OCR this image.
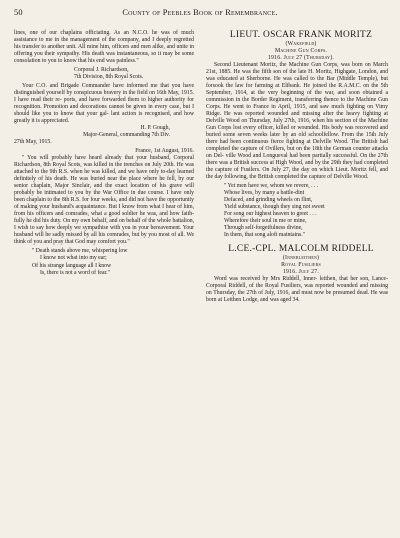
50	County of Peebles Book of Remembrance.

lines, one of our chaplains officiating. As an N.C.O. he was of much assistance to me in the management of the company, and I deeply regretted his transfer to another unit. All mine him, officers and men alike, and unite in offering you their sympathy. His death was instantaneous, so it may be some consolation to you to know that his end was painless."

Corporal J. Richardson,

7th Division, 8th Royal Scots.

Your C.O. and Brigade Commander have informed me that you have distinguished yourself by conspicuous bravery in the field on 16th May, 1915. I have read their re- ports, and have forwarded them to higher authority for recognition. Promotion and decorations cannot be given in every case, but I should like you to know that your gal- lant action is recognised, and how greatly it is appreciated.

H. P. Gough,

Major-General, commanding 7th Div.

27th May, 1915.

France, 1st August, 1916.

" You will probably have heard already that your husband, Corporal Richardson, 8th Royal Scots, was killed in the trenches on July 20th. He was attached to the 9th R.S. when he was killed, and we have only to-day learned definitely of his death. He was buried near the place where he fell, by our senior chaplain, Major Sinclair, and the exact location of his grave will probably be intimated to you by the War Office in due course. I have only been chaplain to the 8th R.S. for four weeks, and did not have the opportunity of making your husband's acquaintance. But I know from what I hear of him, from his officers and comrades, what a good soldier he was, and how faith- fully he did his duty. On my own behalf, and on behalf of the whole battalion, I wish to say how deeply we sympathise with you in your bereavement. Your husband will be sadly missed by all his comrades, but by you most of all. We think of you and pray that God may comfort you."

" Death stands above me, whispering low

I know not what into my ear;

Of his strange language all I know

Is, there is not a word of fear."

LIEUT. OSCAR FRANK MORITZ

(Wakefield)

Machine Gun Corps.

1916. July 27 (Thursday).

Second Lieutenant Moritz, the Machine Gun Corps, was born on March 21st, 1885. He was the fifth son of the late H. Moritz, Highgate, London, and was educated at Sherborne. He was called to the Bar (Middle Temple), but forsook the law for farming at Elibank. He joined the R.A.M.C. on the 5th September, 1914, at the very beginning of the war, and soon obtained a commission in the Border Regiment, transferring thence to the Machine Gun Corps. He went to France in April, 1915, and saw much fighting on Vimy Ridge. He was reported wounded and missing after the heavy fighting at Delville Wood on Thursday, July 27th, 1916, when his section of the Machine Gun Corps lost every officer, killed or wounded. His body was recovered and buried some seven weeks later by an old schoolfellow. From the 15th July there had been continuous fierce fighting at Delville Wood. The British had completed the capture of Ovillers, but on the 18th the German counter attacks on Del- ville Wood and Longueval had been partially successful. On the 27th there was a British success at High Wood, and by the 29th they had completed the capture of Fusilers. On July 27, the day on which Lieut. Moritz fell, and the day following, the British completed the capture of Delville Wood.

" Yet men have we, whom we revere, . . .

Whose lives, by many a battle-dint

Defaced, and grinding wheels on flint,

Yield substance, though they sing not sweet

For song our highest heaven to greet . . .

Wherefore their soul in me or mine,

Through self-forgetfulness divine,

In them, that song aloft maintains."

L.CE.-CPL. MALCOLM RIDDELL

(Innerleithen)

Royal Fusiliers

1916. July 27.

Word was received by Mrs Riddell, Inner- leithen, that her son, Lance-Corporal Riddell, of the Royal Fusiliers, was reported wounded and missing on Thursday, the 27th of July, 1916, and must now be presumed dead. He was born at Leithen Lodge, and was aged 34.
